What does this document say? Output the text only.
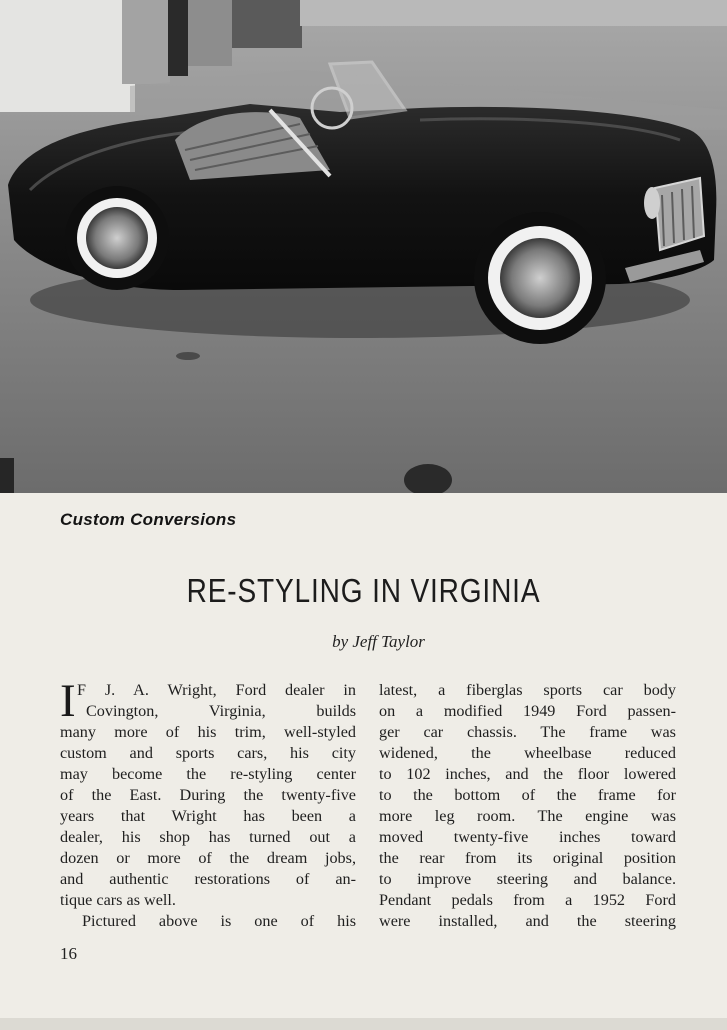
Custom Conversions
RE-STYLING IN VIRGINIA
by Jeff Taylor
I F J. A. Wright, Ford dealer in
Covington, Virginia, builds
many more of his trim, well-styled
custom and sports cars, his city
may become the re-styling center
of the East. During the twenty-five
years that Wright has been a
dealer, his shop has turned out a
dozen or more of the dream jobs,
and authentic restorations of an-
tique cars as well.
Pictured above is one of his
latest, a fiberglas sports car body
on a modified 1949 Ford passen-
ger car chassis. The frame was
widened, the wheelbase reduced
to 102 inches, and the floor lowered
to the bottom of the frame for
more leg room. The engine was
moved twenty-five inches toward
the rear from its original position
to improve steering and balance.
Pendant pedals from a 1952 Ford
were installed, and the steering
16
